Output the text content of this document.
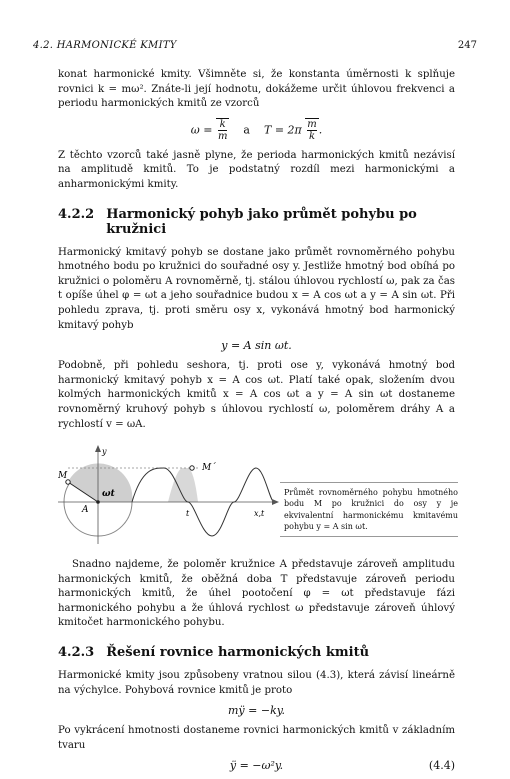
4.2. HARMONICKÉ KMITY	247

konat harmonické kmity. Všimněte si, že konstanta úměrnosti k splňuje rovnici k = mω². Znáte-li její hodnotu, dokážeme určit úhlovou frekvenci a periodu harmonických kmitů ze vzorců

$\omega = \frac{k}{m}$ a $T = 2\pi \frac{m}{k}$ .

Z těchto vzorců také jasně plyne, že perioda harmonických kmitů nezávisí na amplitudě kmitů. To je podstatný rozdíl mezi harmonickými a anharmonickými kmity.

4.2.2 Harmonický pohyb jako průmět pohybu po kružnici

Harmonický kmitavý pohyb se dostane jako průmět rovnoměrného pohybu hmotného bodu po kružnici do souřadné osy y. Jestliže hmotný bod obíhá po kružnici o poloměru A rovnoměrně, tj. stálou úhlovou rychlostí ω, pak za čas t opíše úhel φ = ωt a jeho souřadnice budou x = A cos ωt a y = A sin ωt. Při pohledu zprava, tj. proti směru osy x, vykonává hmotný bod harmonický kmitavý pohyb

y = A sin ωt.

Podobně, při pohledu seshora, tj. proti ose y, vykonává hmotný bod harmonický kmitavý pohyb x = A cos ωt. Platí také opak, složením dvou kolmých harmonických kmitů x = A cos ωt a y = A sin ωt dostaneme rovnoměrný kruhový pohyb s úhlovou rychlostí ω, poloměrem dráhy A a rychlostí v = ωA.

y
M
M´
A
ωt
t	x,t
Průmět rovnoměrného pohybu hmotného bodu M po kružnici do osy y je ekvivalentní harmonickému kmitavému pohybu y = A sin ωt.

Snadno najdeme, že poloměr kružnice A představuje zároveň amplitudu harmonických kmitů, že oběžná doba T představuje zároveň periodu harmonických kmitů, že úhel pootočení φ = ωt představuje fázi harmonického pohybu a že úhlová rychlost ω představuje zároveň úhlový kmitočet harmonického pohybu.

4.2.3 Řešení rovnice harmonických kmitů

Harmonické kmity jsou způsobeny vratnou silou (4.3), která závisí lineárně na výchylce. Pohybová rovnice kmitů je proto

mÿ = −ky.

Po vykrácení hmotnosti dostaneme rovnici harmonických kmitů v základním tvaru

ÿ = −ω²y.	(4.4)
